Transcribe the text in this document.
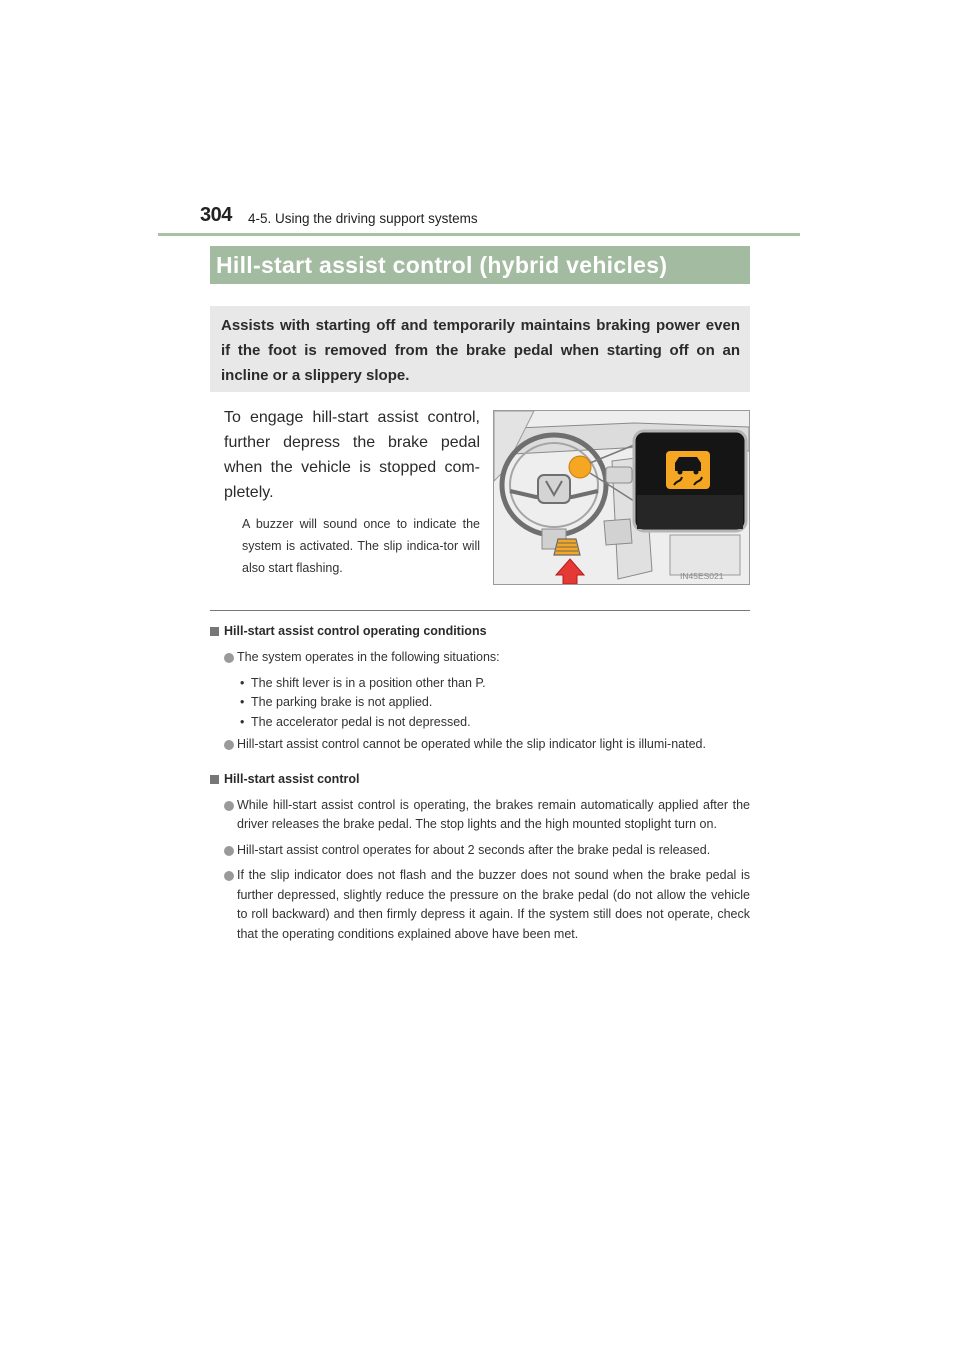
304 4-5. Using the driving support systems
Hill-start assist control (hybrid vehicles)
Assists with starting off and temporarily maintains braking power even if the foot is removed from the brake pedal when starting off on an incline or a slippery slope.
To engage hill-start assist control, further depress the brake pedal when the vehicle is stopped com-pletely.
A buzzer will sound once to indicate the system is activated. The slip indica-tor will also start flashing.
IN45ES021
Hill-start assist control operating conditions
The system operates in the following situations:
• The shift lever is in a position other than P.
• The parking brake is not applied.
• The accelerator pedal is not depressed.
Hill-start assist control cannot be operated while the slip indicator light is illumi-nated.
Hill-start assist control
While hill-start assist control is operating, the brakes remain automatically applied after the driver releases the brake pedal. The stop lights and the high mounted stoplight turn on.
Hill-start assist control operates for about 2 seconds after the brake pedal is released.
If the slip indicator does not flash and the buzzer does not sound when the brake pedal is further depressed, slightly reduce the pressure on the brake pedal (do not allow the vehicle to roll backward) and then firmly depress it again. If the system still does not operate, check that the operating conditions explained above have been met.
